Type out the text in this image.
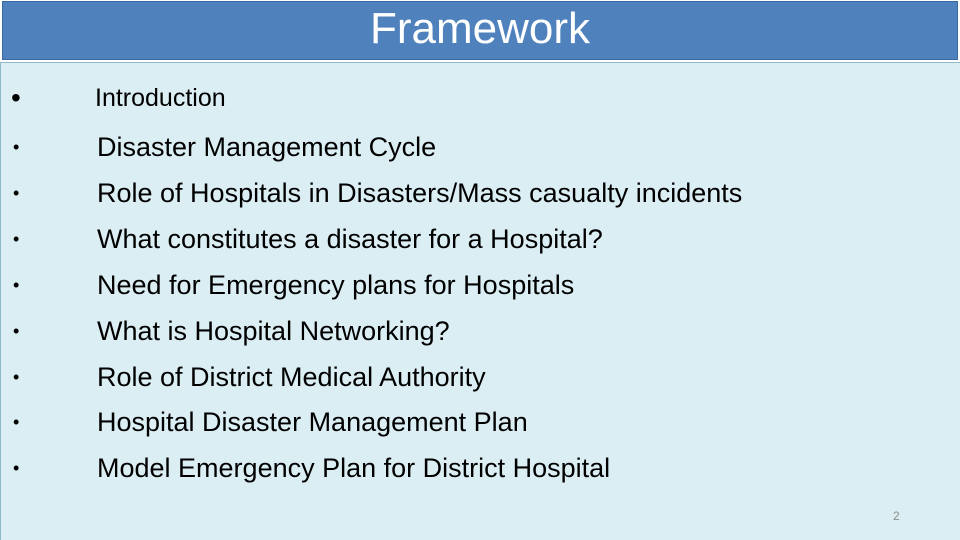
Framework
•	Introduction
•	Disaster Management Cycle
•	Role of Hospitals in Disasters/Mass casualty incidents
•	What constitutes a disaster for a Hospital?
•	Need for Emergency plans for Hospitals
•	What is Hospital Networking?
•	Role of District Medical Authority
•	Hospital Disaster Management Plan
•	Model Emergency Plan for District Hospital
2
